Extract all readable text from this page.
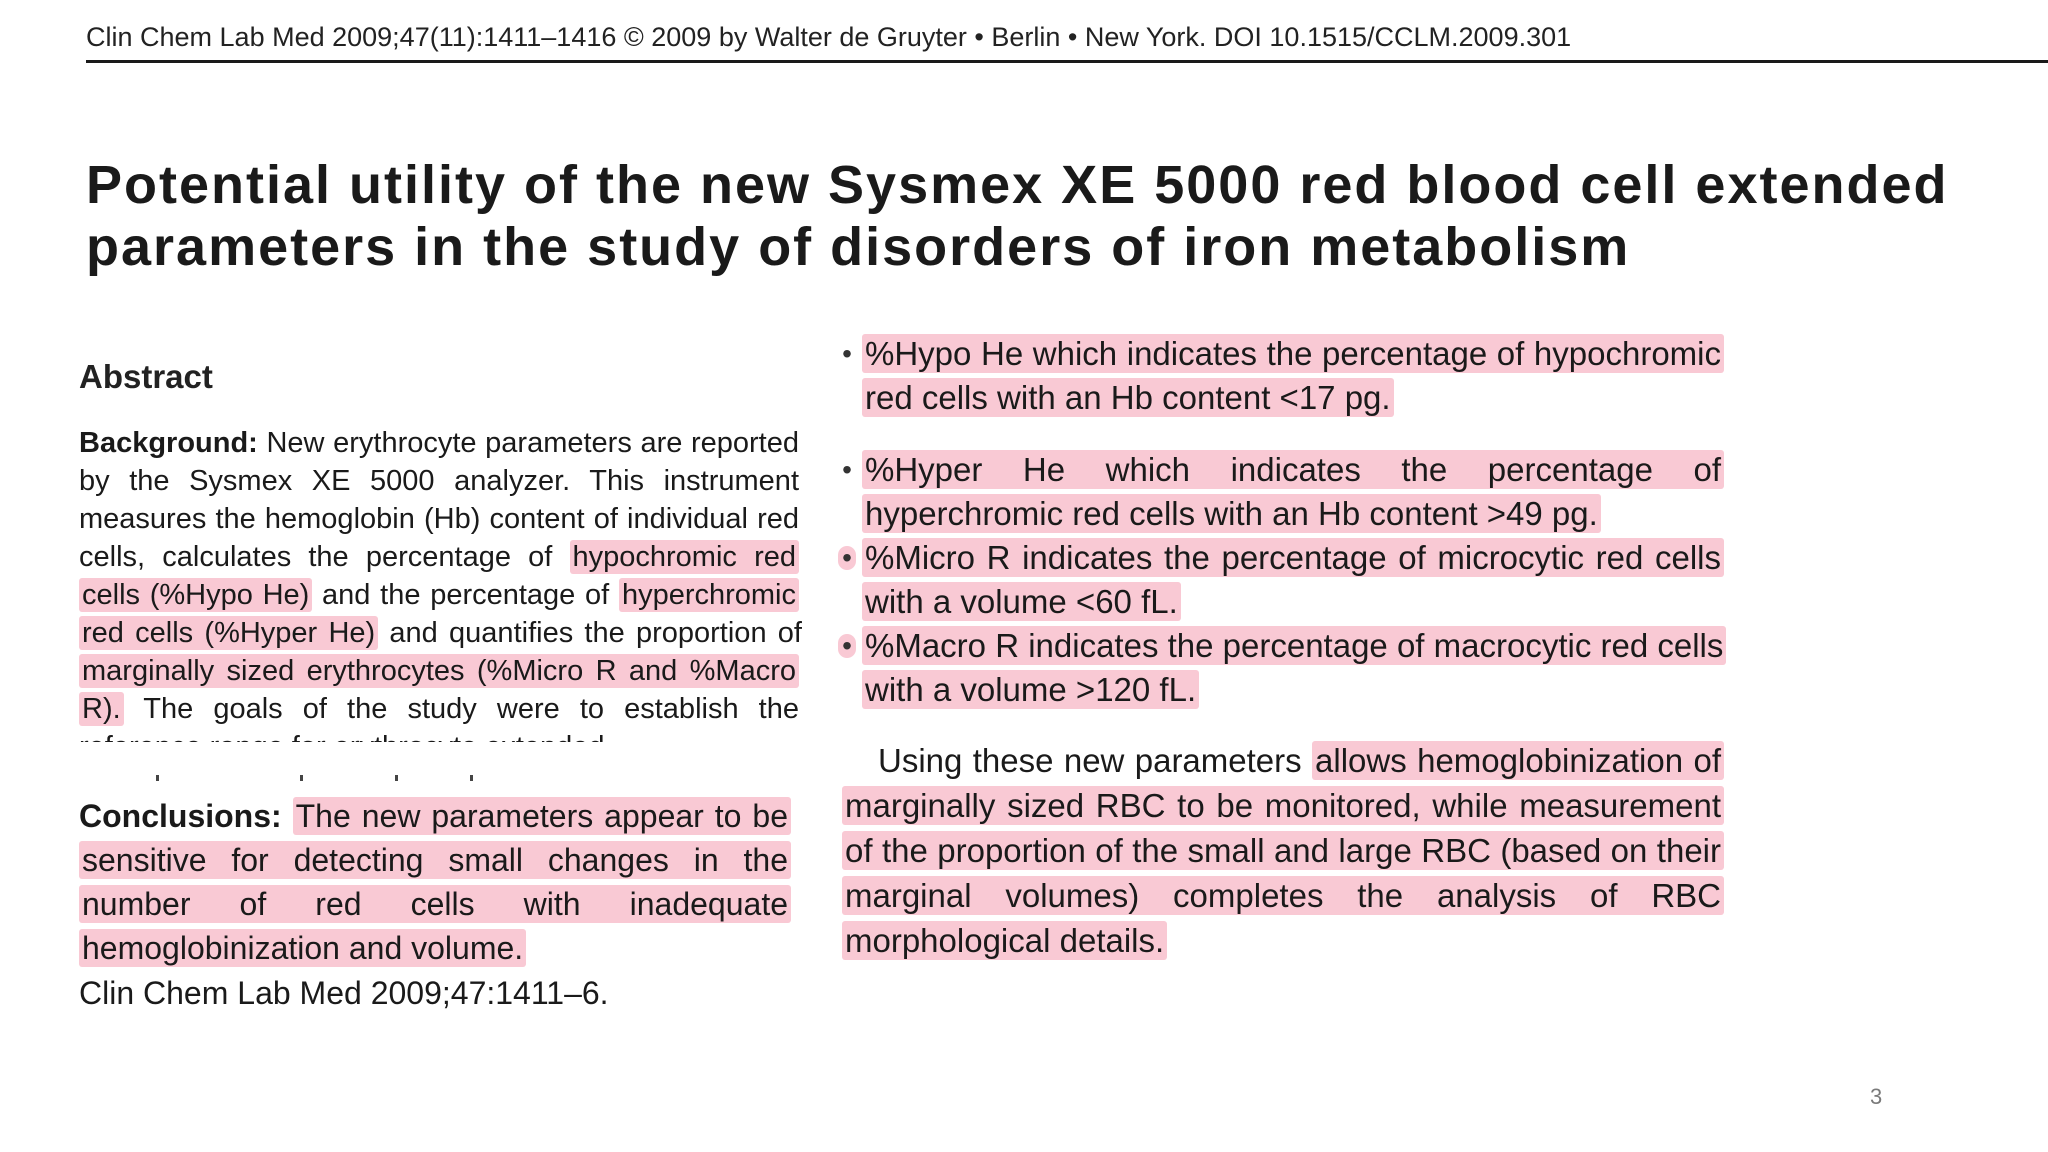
Clin Chem Lab Med 2009;47(11):1411–1416 © 2009 by Walter de Gruyter • Berlin • New York. DOI 10.1515/CCLM.2009.301
Potential utility of the new Sysmex XE 5000 red blood cell extended parameters in the study of disorders of iron metabolism
Abstract
Background: New erythrocyte parameters are reported by the Sysmex XE 5000 analyzer. This instrument measures the hemoglobin (Hb) content of individual red cells, calculates the percentage of hypochromic red cells (%Hypo He) and the percentage of hyperchromic red cells (%Hyper He) and quantifies the proportion of marginally sized erythrocytes (%Micro R and %Macro R). The goals of the study were to establish the
Conclusions: The new parameters appear to be sensitive for detecting small changes in the number of red cells with inadequate hemoglobinization and volume.
Clin Chem Lab Med 2009;47:1411–6.
• %Hypo He which indicates the percentage of hypochromic red cells with an Hb content <17 pg.
• %Hyper He which indicates the percentage of hyperchromic red cells with an Hb content >49 pg.
• %Micro R indicates the percentage of microcytic red cells with a volume <60 fL.
• %Macro R indicates the percentage of macrocytic red cells with a volume >120 fL.
Using these new parameters allows hemoglobinization of marginally sized RBC to be monitored, while measurement of the proportion of the small and large RBC (based on their marginal volumes) completes the analysis of RBC morphological details.
3
